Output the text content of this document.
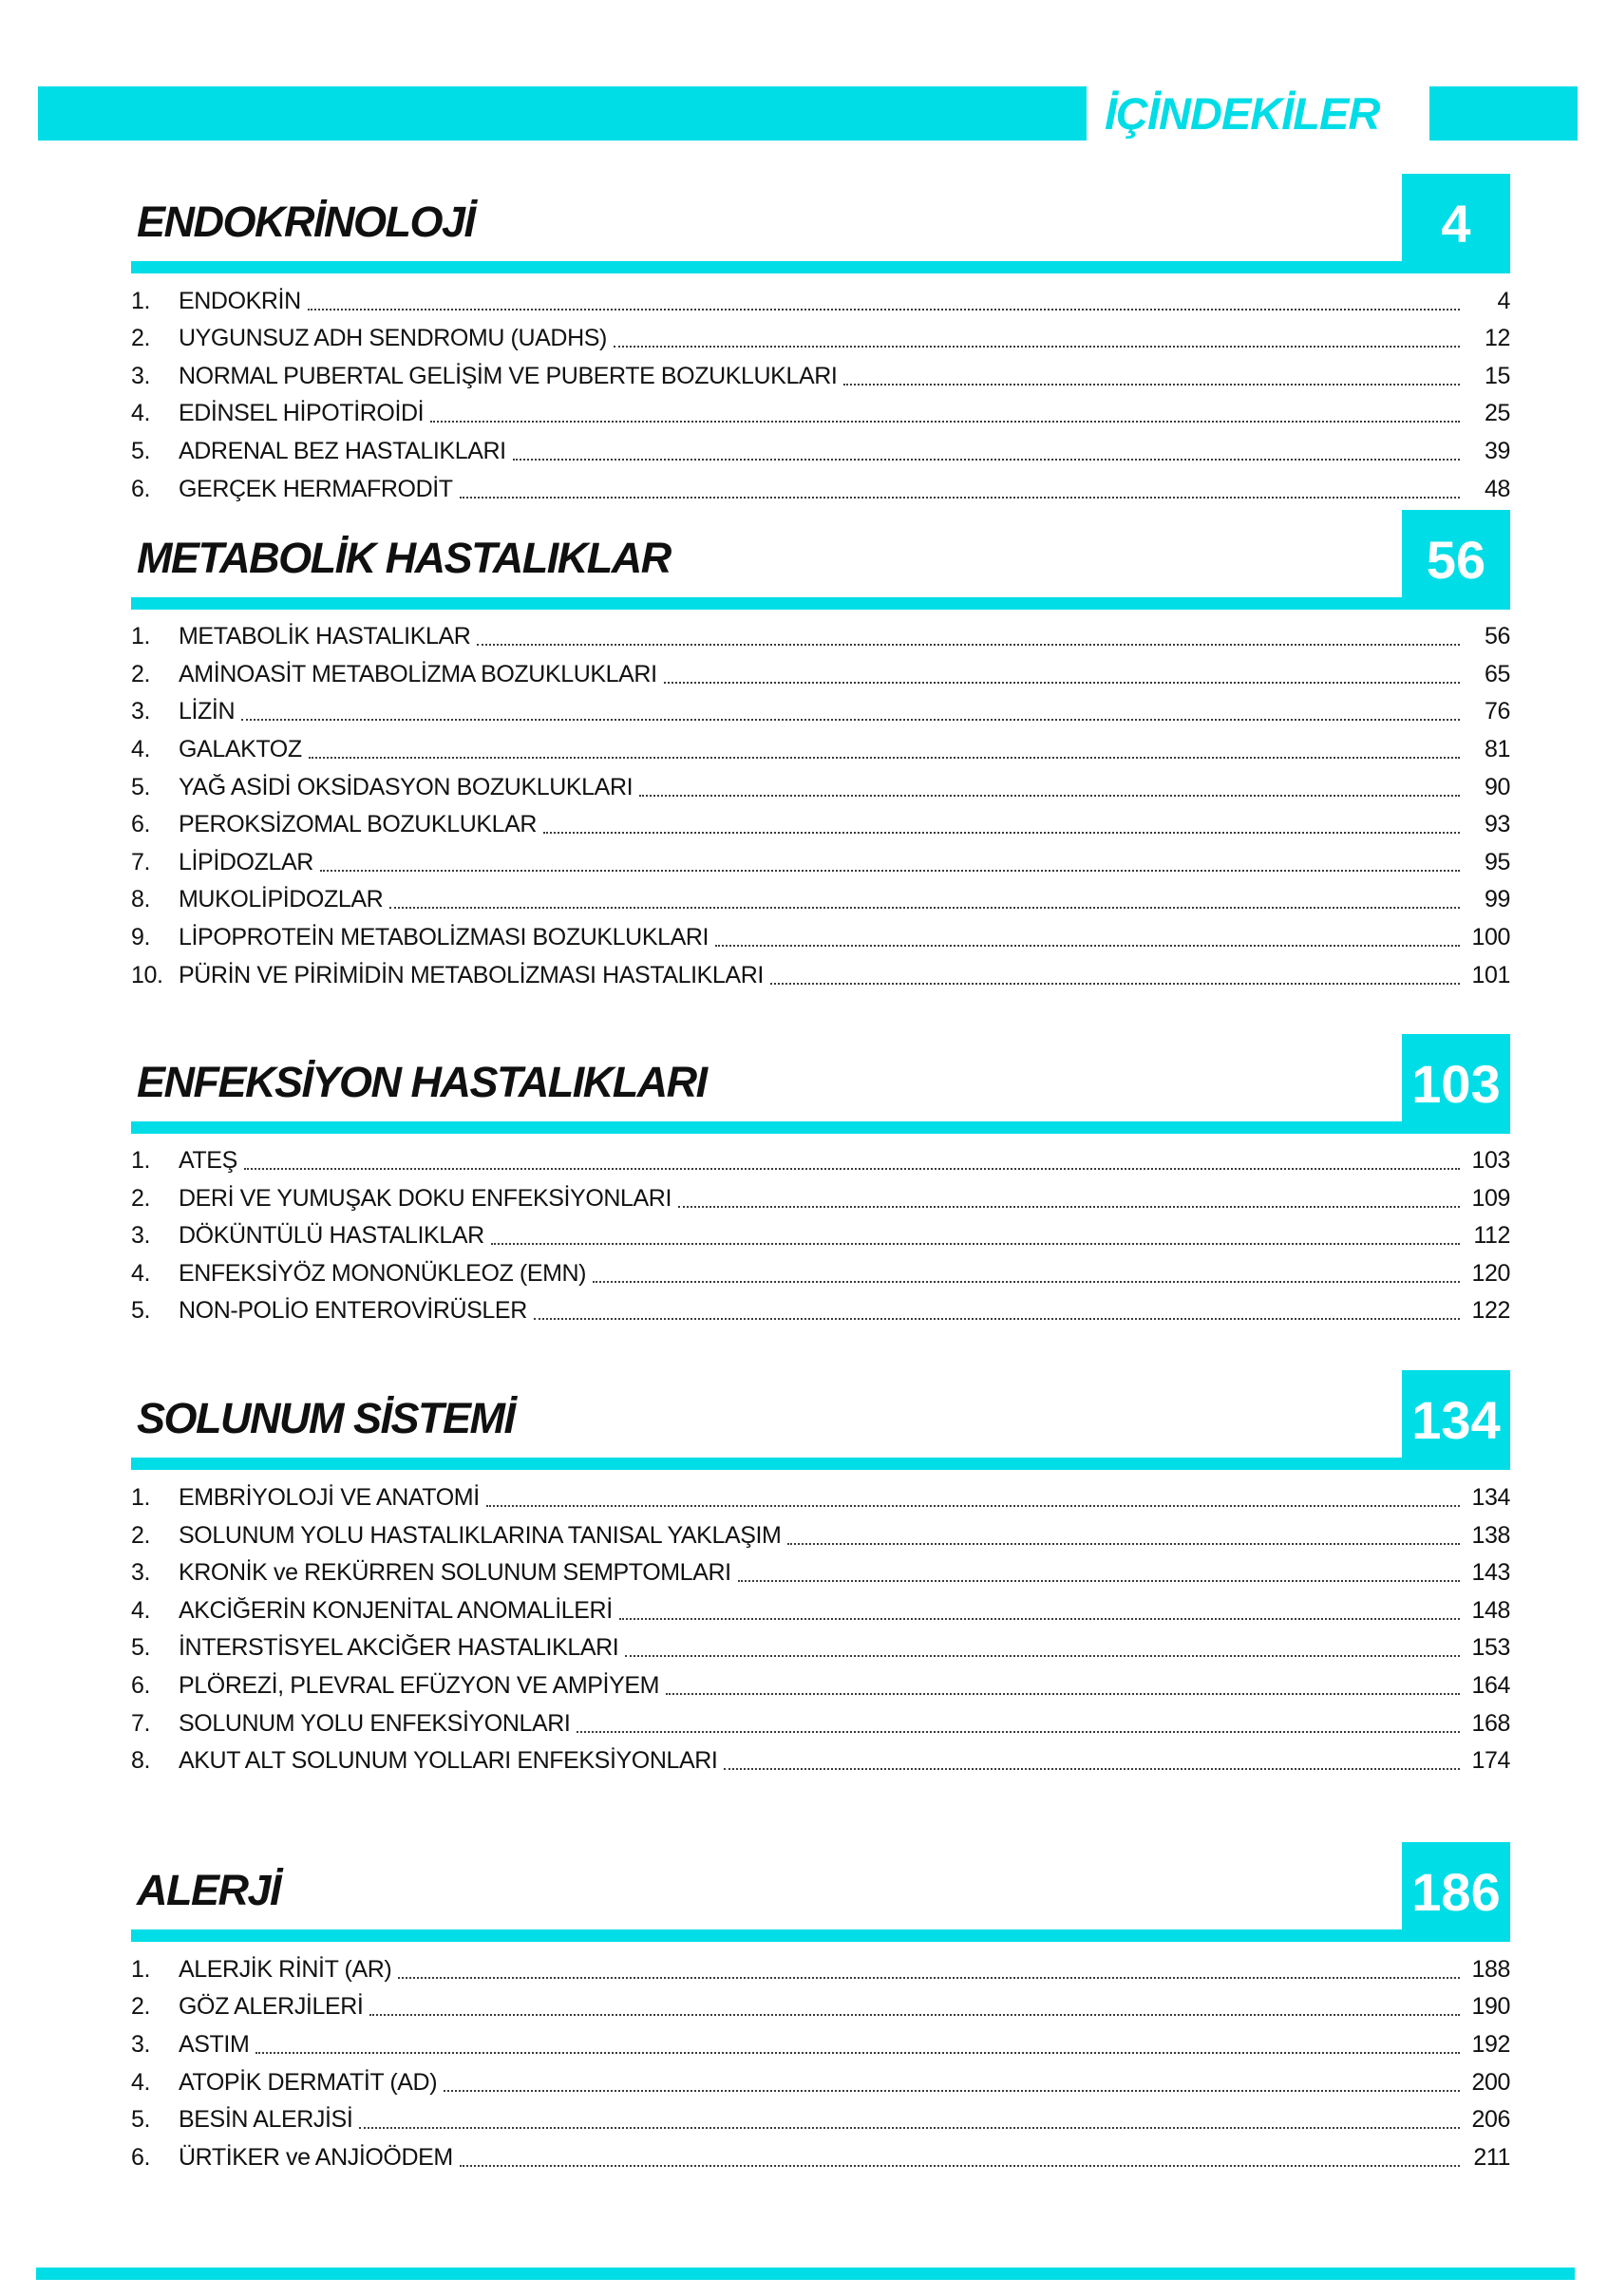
İÇİNDEKİLER
ENDOKRİNOLOJİ	4
1.	ENDOKRİN	4
2.	UYGUNSUZ ADH SENDROMU (UADHS)	12
3.	NORMAL PUBERTAL GELİŞİM VE PUBERTE BOZUKLUKLARI	15
4.	EDİNSEL HİPOTİROİDİ	25
5.	ADRENAL BEZ HASTALIKLARI	39
6.	GERÇEK HERMAFRODİT	48
METABOLİK HASTALIKLAR	56
1.	METABOLİK HASTALIKLAR	56
2.	AMİNOASİT METABOLİZMA BOZUKLUKLARI	65
3.	LİZİN	76
4.	GALAKTOZ	81
5.	YAĞ ASİDİ OKSİDASYON BOZUKLUKLARI	90
6.	PEROKSİZOMAL BOZUKLUKLAR	93
7.	LİPİDOZLAR	95
8.	MUKOLİPİDOZLAR	99
9.	LİPOPROTEİN METABOLİZMASI BOZUKLUKLARI	100
10. PÜRİN VE PİRİMİDİN METABOLİZMASI HASTALIKLARI	101
ENFEKSİYON HASTALIKLARI	103
1.	ATEŞ	103
2.	DERİ VE YUMUŞAK DOKU ENFEKSİYONLARI	109
3.	DÖKÜNTÜLÜ HASTALIKLAR	112
4.	ENFEKSİYÖZ MONONÜKLEOZ (EMN)	120
5.	NON-POLİO ENTEROVİRÜSLER	122
SOLUNUM SİSTEMİ	134
1.	EMBRİYOLOJİ VE ANATOMİ	134
2.	SOLUNUM YOLU HASTALIKLARINA TANISAL YAKLAŞIM	138
3.	KRONİK ve REKÜRREN SOLUNUM SEMPTOMLARI	143
4.	AKCİĞERİN KONJENİTAL ANOMALİLERİ	148
5.	İNTERSTİSYEL AKCİĞER HASTALIKLARI	153
6.	PLÖREZİ, PLEVRAL EFÜZYON VE AMPİYEM	164
7.	SOLUNUM YOLU ENFEKSİYONLARI	168
8.	AKUT ALT SOLUNUM YOLLARI ENFEKSİYONLARI	174
ALERJİ	186
1.	ALERJİK RİNİT (AR)	188
2.	GÖZ ALERJİLERİ	190
3.	ASTIM	192
4.	ATOPİK DERMATİT (AD)	200
5.	BESİN ALERJİSİ	206
6.	ÜRTİKER ve ANJİOÖDEM	211
